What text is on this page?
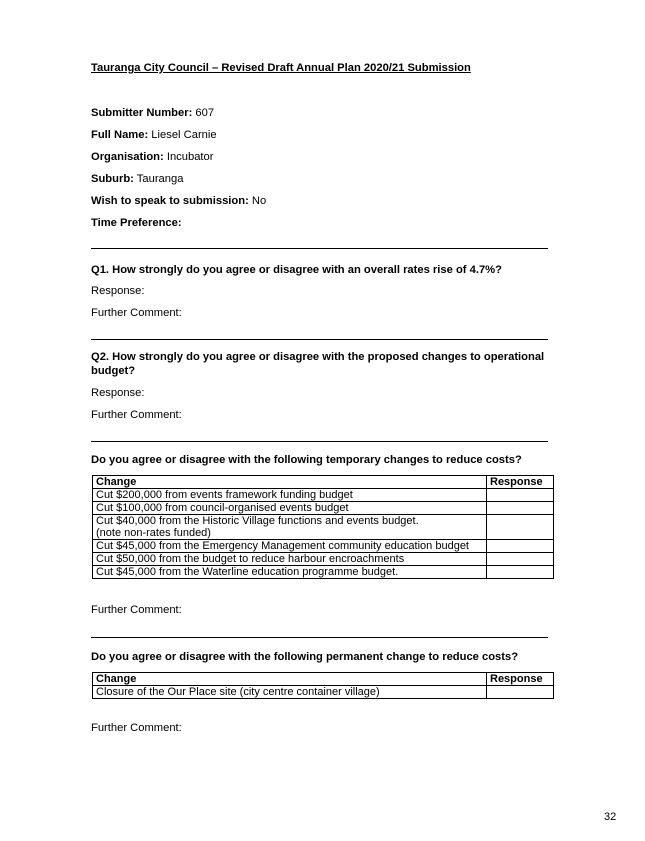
Tauranga City Council – Revised Draft Annual Plan 2020/21 Submission
Submitter Number: 607
Full Name: Liesel Carnie
Organisation: Incubator
Suburb: Tauranga
Wish to speak to submission: No
Time Preference:
Q1. How strongly do you agree or disagree with an overall rates rise of 4.7%?
Response:
Further Comment:
Q2. How strongly do you agree or disagree with the proposed changes to operational budget?
Response:
Further Comment:
Do you agree or disagree with the following temporary changes to reduce costs?
Change	Response
Cut $200,000 from events framework funding budget	
Cut $100,000 from council-organised events budget	
Cut $40,000 from the Historic Village functions and events budget.
(note non-rates funded)	
Cut $45,000 from the Emergency Management community education budget	
Cut $50,000 from the budget to reduce harbour encroachments	
Cut $45,000 from the Waterline education programme budget.	
Further Comment:
Do you agree or disagree with the following permanent change to reduce costs?
Change	Response
Closure of the Our Place site (city centre container village)	
Further Comment:
32
